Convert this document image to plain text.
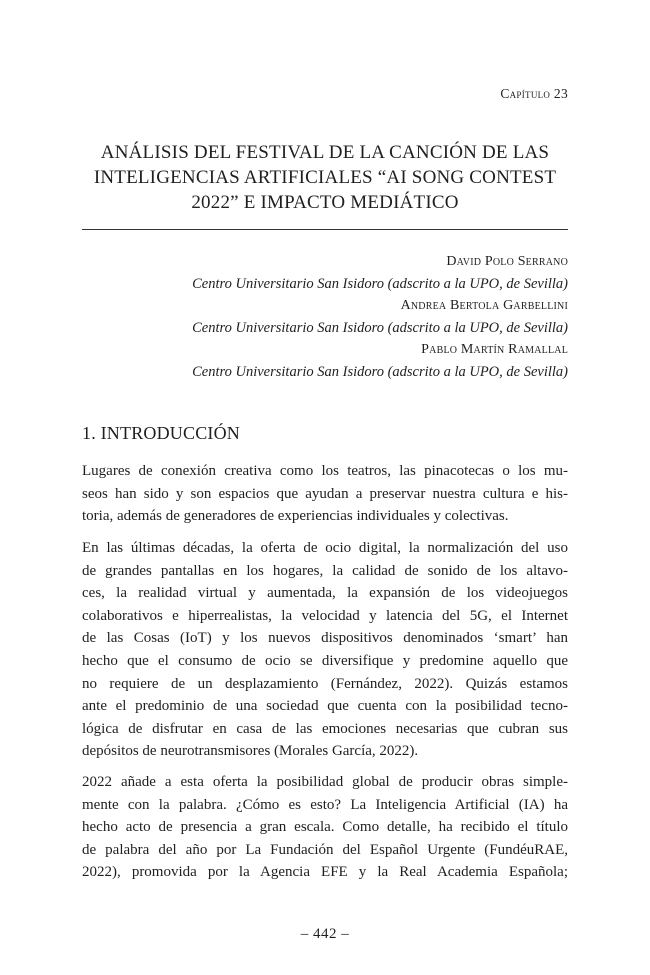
Capítulo 23
ANÁLISIS DEL FESTIVAL DE LA CANCIÓN DE LAS
INTELIGENCIAS ARTIFICIALES “AI SONG CONTEST
2022” E IMPACTO MEDIÁTICO
David Polo Serrano
Centro Universitario San Isidoro (adscrito a la UPO, de Sevilla)
Andrea Bertola Garbellini
Centro Universitario San Isidoro (adscrito a la UPO, de Sevilla)
Pablo Martín Ramallal
Centro Universitario San Isidoro (adscrito a la UPO, de Sevilla)
1. INTRODUCCIÓN
Lugares de conexión creativa como los teatros, las pinacotecas o los mu-
seos han sido y son espacios que ayudan a preservar nuestra cultura e his-
toria, además de generadores de experiencias individuales y colectivas.
En las últimas décadas, la oferta de ocio digital, la normalización del uso
de grandes pantallas en los hogares, la calidad de sonido de los altavo-
ces, la realidad virtual y aumentada, la expansión de los videojuegos
colaborativos e hiperrealistas, la velocidad y latencia del 5G, el Internet
de las Cosas (IoT) y los nuevos dispositivos denominados ‘smart’ han
hecho que el consumo de ocio se diversifique y predomine aquello que
no requiere de un desplazamiento (Fernández, 2022). Quizás estamos
ante el predominio de una sociedad que cuenta con la posibilidad tecno-
lógica de disfrutar en casa de las emociones necesarias que cubran sus
depósitos de neurotransmisores (Morales García, 2022).
2022 añade a esta oferta la posibilidad global de producir obras simple-
mente con la palabra. ¿Cómo es esto? La Inteligencia Artificial (IA) ha
hecho acto de presencia a gran escala. Como detalle, ha recibido el título
de palabra del año por La Fundación del Español Urgente (FundéuRAE,
2022), promovida por la Agencia EFE y la Real Academia Española;
– 442 –
